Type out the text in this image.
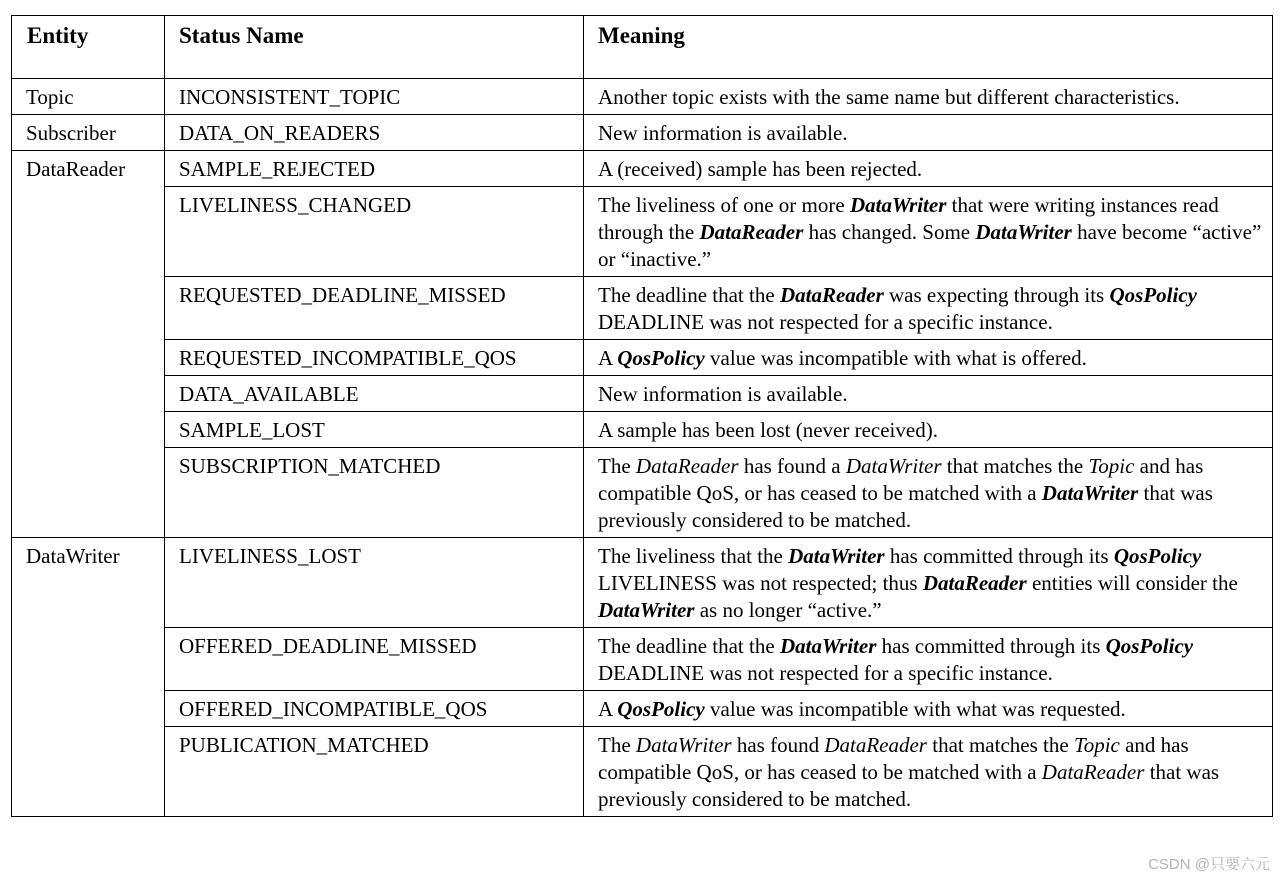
Entity	Status Name	Meaning

Topic	INCONSISTENT_TOPIC	Another topic exists with the same name but different characteristics.

Subscriber	DATA_ON_READERS	New information is available.

DataReader	SAMPLE_REJECTED	A (received) sample has been rejected.

	LIVELINESS_CHANGED	The liveliness of one or more DataWriter that were writing instances read through the DataReader has changed. Some DataWriter have become “active” or “inactive.”

	REQUESTED_DEADLINE_MISSED	The deadline that the DataReader was expecting through its QosPolicy DEADLINE was not respected for a specific instance.

	REQUESTED_INCOMPATIBLE_QOS	A QosPolicy value was incompatible with what is offered.

	DATA_AVAILABLE	New information is available.

	SAMPLE_LOST	A sample has been lost (never received).

	SUBSCRIPTION_MATCHED	The DataReader has found a DataWriter that matches the Topic and has compatible QoS, or has ceased to be matched with a DataWriter that was previously considered to be matched.

DataWriter	LIVELINESS_LOST	The liveliness that the DataWriter has committed through its QosPolicy LIVELINESS was not respected; thus DataReader entities will consider the DataWriter as no longer “active.”

	OFFERED_DEADLINE_MISSED	The deadline that the DataWriter has committed through its QosPolicy DEADLINE was not respected for a specific instance.

	OFFERED_INCOMPATIBLE_QOS	A QosPolicy value was incompatible with what was requested.

	PUBLICATION_MATCHED	The DataWriter has found DataReader that matches the Topic and has compatible QoS, or has ceased to be matched with a DataReader that was previously considered to be matched.
CSDN @只要六元
